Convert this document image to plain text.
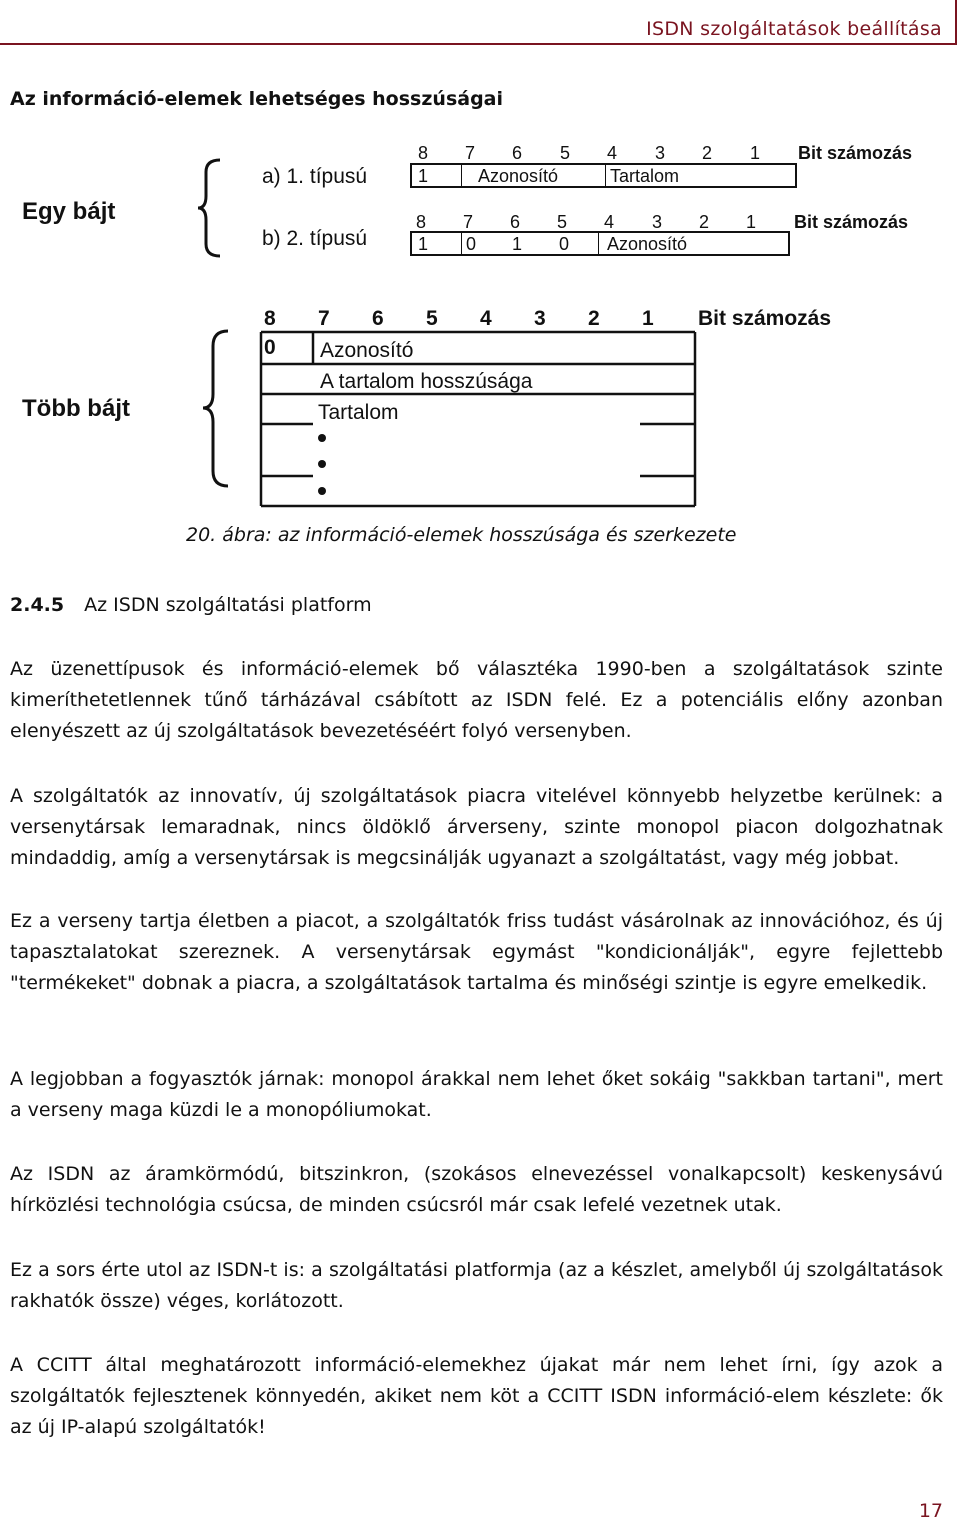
ISDN szolgáltatások beállítása
Az információ-elemek lehetséges hosszúságai
Egy bájt
a) 1. típusú
b) 2. típusú
8 7 6 5 4 3 2 1 Bit számozás
1	Azonosító	Tartalom
8 7 6 5 4 3 2 1 Bit számozás
1 0 1 0 Azonosító
Több bájt
8 7 6 5 4 3 2 1 Bit számozás
0 Azonosító
A tartalom hosszúsága
Tartalom
20. ábra: az információ-elemek hosszúsága és szerkezete
2.4.5 Az ISDN szolgáltatási platform

Az üzenettípusok és információ-elemek bő választéka 1990-ben a szolgáltatások szinte kimeríthetetlennek tűnő tárházával csábított az ISDN felé. Ez a potenciális előny azonban elenyészett az új szolgáltatások bevezetéséért folyó versenyben.

A szolgáltatók az innovatív, új szolgáltatások piacra vitelével könnyebb helyzetbe kerülnek: a versenytársak lemaradnak, nincs öldöklő árverseny, szinte monopol piacon dolgozhatnak mindaddig, amíg a versenytársak is megcsinálják ugyanazt a szolgáltatást, vagy még jobbat.

Ez a verseny tartja életben a piacot, a szolgáltatók friss tudást vásárolnak az innovációhoz, és új tapasztalatokat szereznek. A versenytársak egymást "kondicionálják", egyre fejlettebb "termékeket" dobnak a piacra, a szolgáltatások tartalma és minőségi szintje is egyre emelkedik.

A legjobban a fogyasztók járnak: monopol árakkal nem lehet őket sokáig "sakkban tartani", mert a verseny maga küzdi le a monopóliumokat.

Az ISDN az áramkörmódú, bitszinkron, (szokásos elnevezéssel vonalkapcsolt) keskenysávú hírközlési technológia csúcsa, de minden csúcsról már csak lefelé vezetnek utak.

Ez a sors érte utol az ISDN-t is: a szolgáltatási platformja (az a készlet, amelyből új szolgáltatások rakhatók össze) véges, korlátozott.

A CCITT által meghatározott információ-elemekhez újakat már nem lehet írni, így azok a szolgáltatók fejlesztenek könnyedén, akiket nem köt a CCITT ISDN információ-elem készlete: ők az új IP-alapú szolgáltatók!

17
